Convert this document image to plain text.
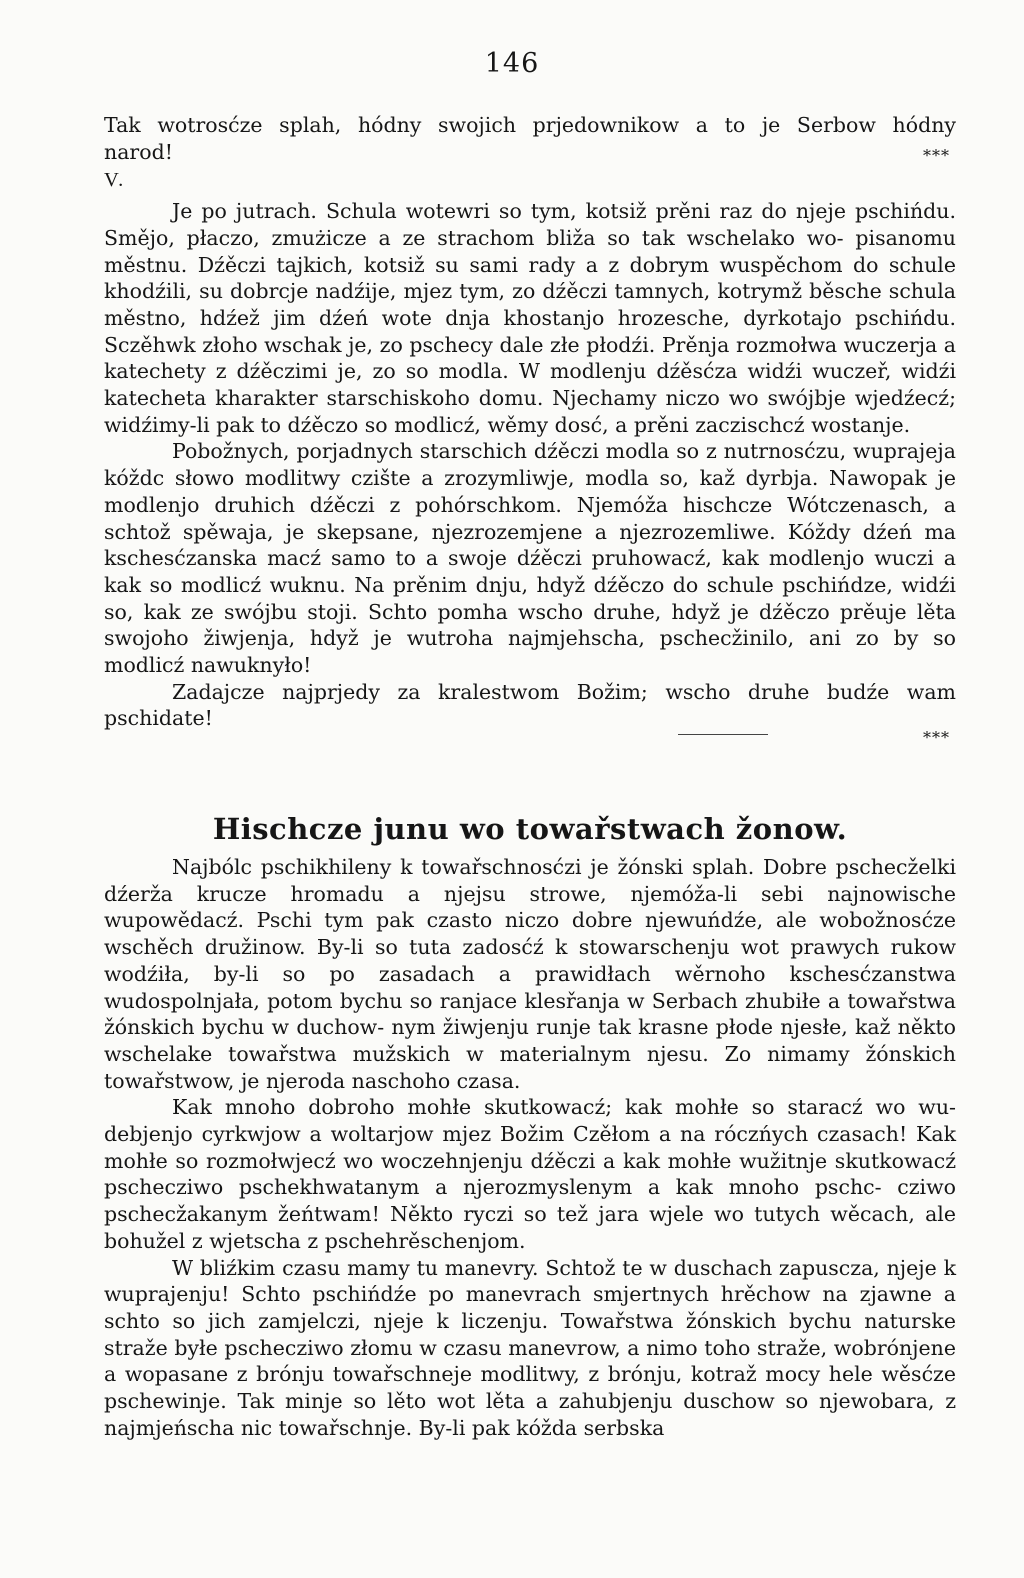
146

Tak wotrosćze splah, hódny swojich prjedownikow a to je Serbow hódny

narod!	***
V.

Je po jutrach. Schula wotewri so tym, kotsiž prěni raz do njeje pschińdu. Smějo, płaczo, zmużicze a ze strachom bliža so tak wschelako wo- pisanomu městnu. Dźěczi tajkich, kotsiž su sami rady a z dobrym wuspěchom do schule khodźili, su dobrcje nadźije, mjez tym, zo dźěczi tamnych, kotrymž běsche schula městno, hdźež jim dźeń wote dnja khostanjo hrozesche, dyrkotajo pschińdu. Sczěhwk złoho wschak je, zo pschecy dale złe płodźi. Prěnja rozmołwa wuczerja a katechety z dźěczimi je, zo so modla. W modlenju dźěsćza widźi wuczeř, widźi katecheta kharakter starschiskoho domu. Njechamy niczo wo swójbje wjedźecź; widźimy-li pak to dźěczo so modlicź, wěmy dosć, a prěni zaczischcź wostanje.

Pobožnych, porjadnych starschich dźěczi modla so z nutrnosćzu, wuprajeja kóždc słowo modlitwy czište a zrozymliwje, modla so, kaž dyrbja. Nawopak je modlenjo druhich dźěczi z pohórschkom. Njemóža hischcze Wótczenasch, a schtož spěwaja, je skepsane, njezrozemjene a njezrozemliwe. Kóždy dźeń ma kschesćzanska macź samo to a swoje dźěczi pruhowacź, kak modlenjo wuczi a kak so modlicź wuknu. Na prěnim dnju, hdyž dźěczo do schule pschińdze, widźi so, kak ze swójbu stoji. Schto pomha wscho druhe, hdyž je dźěczo prěuje lěta swojoho žiwjenja, hdyž je wutroha najmjehscha, pschecžinilo, ani zo by so modlicź nawuknyło!

Zadajcze najprjedy za kralestwom Božim; wscho druhe budźe wam pschidate!

***
Hischcze junu wo towařstwach žonow.

Najbólc pschikhileny k towařschnosćzi je žónski splah. Dobre pschecželki dźerža krucze hromadu a njejsu strowe, njemóža-li sebi najnowische wupowědacź. Pschi tym pak czasto niczo dobre njewuńdźe, ale wobožnosćze wschěch družinow. By-li so tuta zadosćź k stowarschenju wot prawych rukow wodźiła, by-li so po zasadach a prawidłach wěrnoho kschesćzanstwa wudospolnjała, potom bychu so ranjace klesřanja w Serbach zhubiłe a towařstwa žónskich bychu w duchow- nym žiwjenju runje tak krasne płode njesłe, kaž někto wschelake towařstwa mužskich w materialnym njesu. Zo nimamy žónskich towařstwow, je njeroda naschoho czasa.

Kak mnoho dobroho mohłe skutkowacź; kak mohłe so staracź wo wu- debjenjo cyrkwjow a woltarjow mjez Božim Czěłom a na róczńych czasach! Kak mohłe so rozmołwjecź wo woczehnjenju dźěczi a kak mohłe wužitnje skutkowacź pschecziwo pschekhwatanym a njerozmyslenym a kak mnoho pschc- cziwo pschecžakanym žeńtwam! Někto ryczi so tež jara wjele wo tutych wěcach, ale bohužel z wjetscha z pschehrěschenjom.

W bliźkim czasu mamy tu manevry. Schtož te w duschach zapuscza, njeje k wuprajenju! Schto pschińdźe po manevrach smjertnych hrěchow na zjawne a schto so jich zamjelczi, njeje k liczenju. Towařstwa žónskich bychu naturske straže byłe pschecziwo złomu w czasu manevrow, a nimo toho straže, wobrónjene a wopasane z brónju towařschneje modlitwy, z brónju, kotraž mocy hele wěsćze pschewinje. Tak minje so lěto wot lěta a zahubjenju duschow so njewobara, z najmjeńscha nic towařschnje. By-li pak kóžda serbska
